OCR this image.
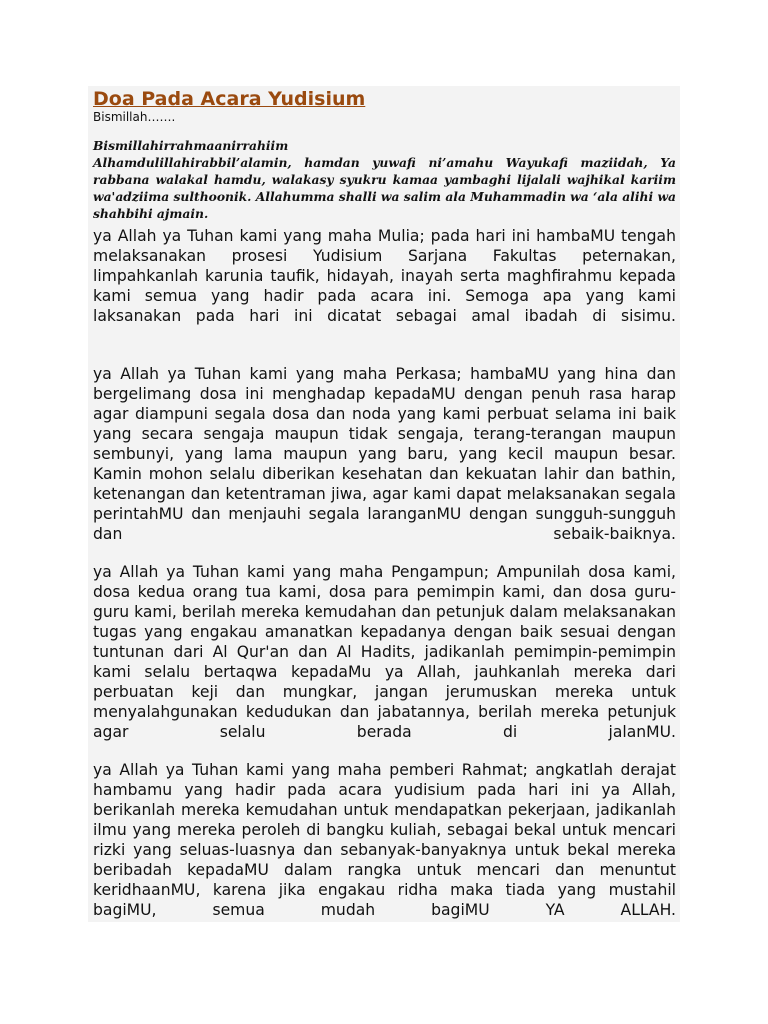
Doa Pada Acara Yudisium

Bismillah…….

Bismillahirrahmaanirrahiim

Alhamdulillahirabbil’alamin, hamdan yuwafi ni’amahu Wayukafi maziidah, Ya rabbana walakal hamdu, walakasy syukru kamaa yambaghi lijalali wajhikal kariim wa'adziima sulthoonik. Allahumma shalli wa salim ala Muhammadin wa ‘ala alihi wa shahbihi ajmain.

ya Allah ya Tuhan kami yang maha Mulia; pada hari ini hambaMU tengah melaksanakan prosesi Yudisium Sarjana Fakultas peternakan, limpahkanlah karunia taufik, hidayah, inayah serta maghfirahmu kepada kami semua yang hadir pada acara ini. Semoga apa yang kami laksanakan pada hari ini dicatat sebagai amal ibadah di sisimu.

ya Allah ya Tuhan kami yang maha Perkasa; hambaMU yang hina dan bergelimang dosa ini menghadap kepadaMU dengan penuh rasa harap agar diampuni segala dosa dan noda yang kami perbuat selama ini baik yang secara sengaja maupun tidak sengaja, terang-terangan maupun sembunyi, yang lama maupun yang baru, yang kecil maupun besar. Kamin mohon selalu diberikan kesehatan dan kekuatan lahir dan bathin, ketenangan dan ketentraman jiwa, agar kami dapat melaksanakan segala perintahMU dan menjauhi segala laranganMU dengan sungguh-sungguh dan sebaik-baiknya.

ya Allah ya Tuhan kami yang maha Pengampun; Ampunilah dosa kami, dosa kedua orang tua kami, dosa para pemimpin kami, dan dosa guru-guru kami, berilah mereka kemudahan dan petunjuk dalam melaksanakan tugas yang engakau amanatkan kepadanya dengan baik sesuai dengan tuntunan dari Al Qur'an dan Al Hadits, jadikanlah pemimpin-pemimpin kami selalu bertaqwa kepadaMu ya Allah, jauhkanlah mereka dari perbuatan keji dan mungkar, jangan jerumuskan mereka untuk menyalahgunakan kedudukan dan jabatannya, berilah mereka petunjuk agar selalu berada di jalanMU.

ya Allah ya Tuhan kami yang maha pemberi Rahmat; angkatlah derajat hambamu yang hadir pada acara yudisium pada hari ini ya Allah, berikanlah mereka kemudahan untuk mendapatkan pekerjaan, jadikanlah ilmu yang mereka peroleh di bangku kuliah, sebagai bekal untuk mencari rizki yang seluas-luasnya dan sebanyak-banyaknya untuk bekal mereka beribadah kepadaMU dalam rangka untuk mencari dan menuntut keridhaanMU, karena jika engakau ridha maka tiada yang mustahil bagiMU, semua mudah bagiMU YA ALLAH.
